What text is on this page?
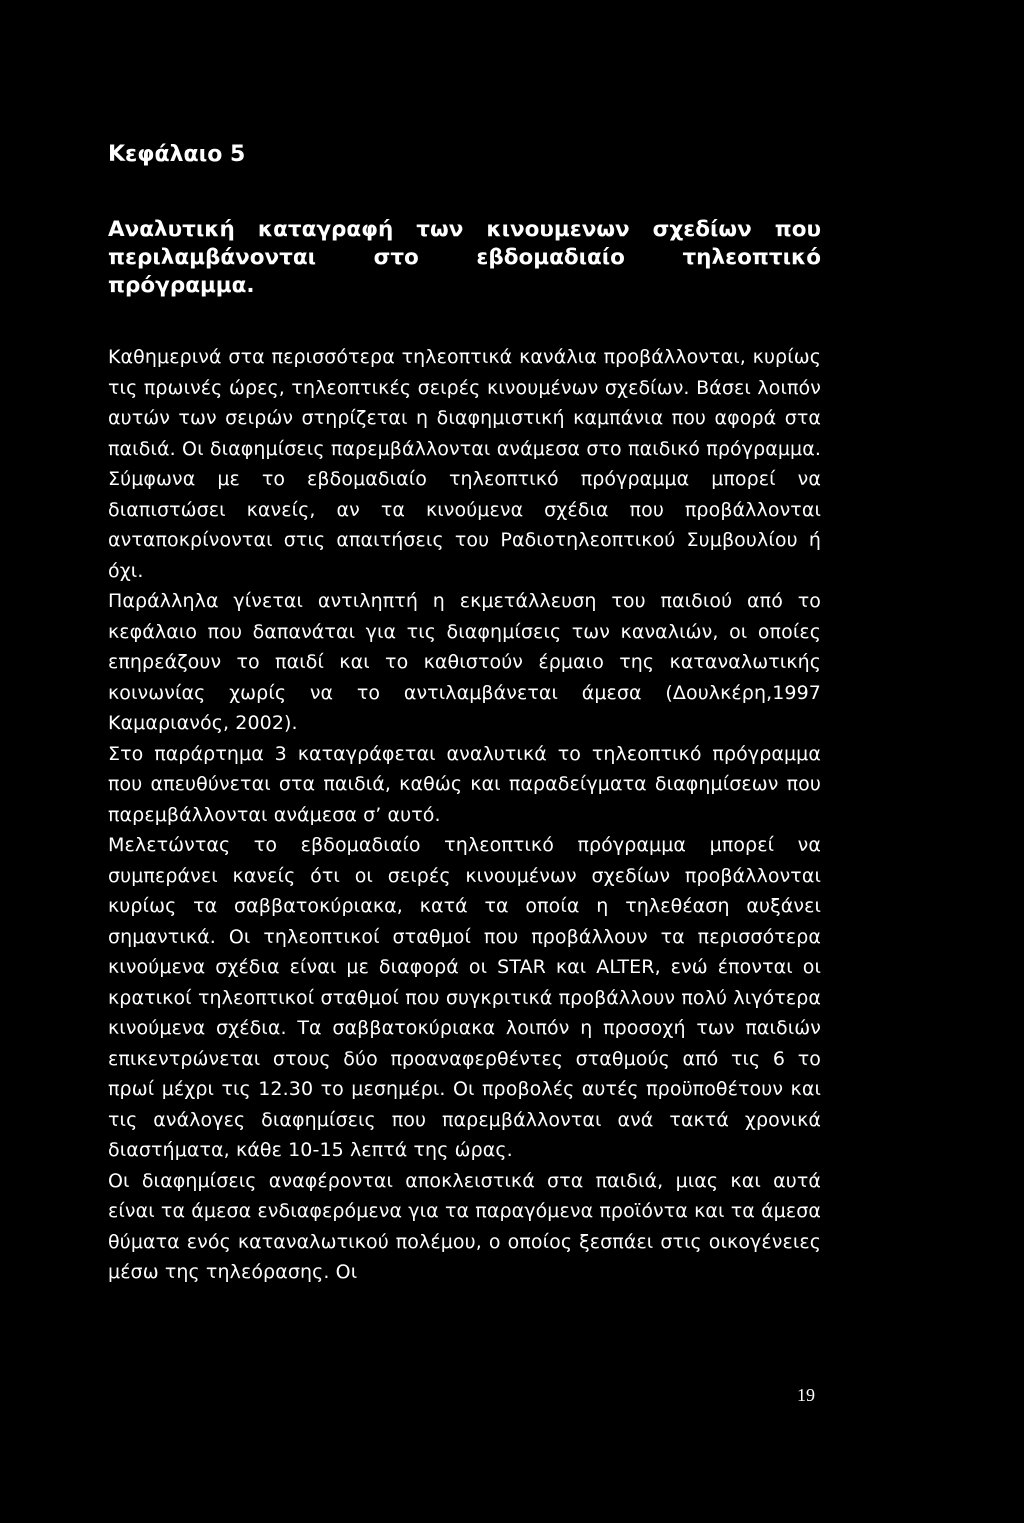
Κεφάλαιο 5
Αναλυτική καταγραφή των κινουμενων σχεδίων που περιλαμβάνονται στο εβδομαδιαίο τηλεοπτικό πρόγραμμα.

Καθημερινά στα περισσότερα τηλεοπτικά κανάλια προβάλλονται, κυρίως τις πρωινές ώρες, τηλεοπτικές σειρές κινουμένων σχεδίων. Βάσει λοιπόν αυτών των σειρών στηρίζεται η διαφημιστική καμπάνια που αφορά στα παιδιά. Οι διαφημίσεις παρεμβάλλονται ανάμεσα στο παιδικό πρόγραμμα. Σύμφωνα με το εβδομαδιαίο τηλεοπτικό πρόγραμμα μπορεί να διαπιστώσει κανείς, αν τα κινούμενα σχέδια που προβάλλονται ανταποκρίνονται στις απαιτήσεις του Ραδιοτηλεοπτικού Συμβουλίου ή όχι.

Παράλληλα γίνεται αντιληπτή η εκμετάλλευση του παιδιού από το κεφάλαιο που δαπανάται για τις διαφημίσεις των καναλιών, οι οποίες επηρεάζουν το παιδί και το καθιστούν έρμαιο της καταναλωτικής κοινωνίας χωρίς να το αντιλαμβάνεται άμεσα (Δουλκέρη,1997 Καμαριανός, 2002).

Στο παράρτημα 3 καταγράφεται αναλυτικά το τηλεοπτικό πρόγραμμα που απευθύνεται στα παιδιά, καθώς και παραδείγματα διαφημίσεων που παρεμβάλλονται ανάμεσα σ’ αυτό.

Μελετώντας το εβδομαδιαίο τηλεοπτικό πρόγραμμα μπορεί να συμπεράνει κανείς ότι οι σειρές κινουμένων σχεδίων προβάλλονται κυρίως τα σαββατοκύριακα, κατά τα οποία η τηλεθέαση αυξάνει σημαντικά. Οι τηλεοπτικοί σταθμοί που προβάλλουν τα περισσότερα κινούμενα σχέδια είναι με διαφορά οι STAR και ALTER, ενώ έπονται οι κρατικοί τηλεοπτικοί σταθμοί που συγκριτικά προβάλλουν πολύ λιγότερα κινούμενα σχέδια. Τα σαββατοκύριακα λοιπόν η προσοχή των παιδιών επικεντρώνεται στους δύο προαναφερθέντες σταθμούς από τις 6 το πρωί μέχρι τις 12.30 το μεσημέρι. Οι προβολές αυτές προϋποθέτουν και τις ανάλογες διαφημίσεις που παρεμβάλλονται ανά τακτά χρονικά διαστήματα, κάθε 10-15 λεπτά της ώρας.

Οι διαφημίσεις αναφέρονται αποκλειστικά στα παιδιά, μιας και αυτά είναι τα άμεσα ενδιαφερόμενα για τα παραγόμενα προϊόντα και τα άμεσα θύματα ενός καταναλωτικού πολέμου, ο οποίος ξεσπάει στις οικογένειες μέσω της τηλεόρασης. Οι

19
